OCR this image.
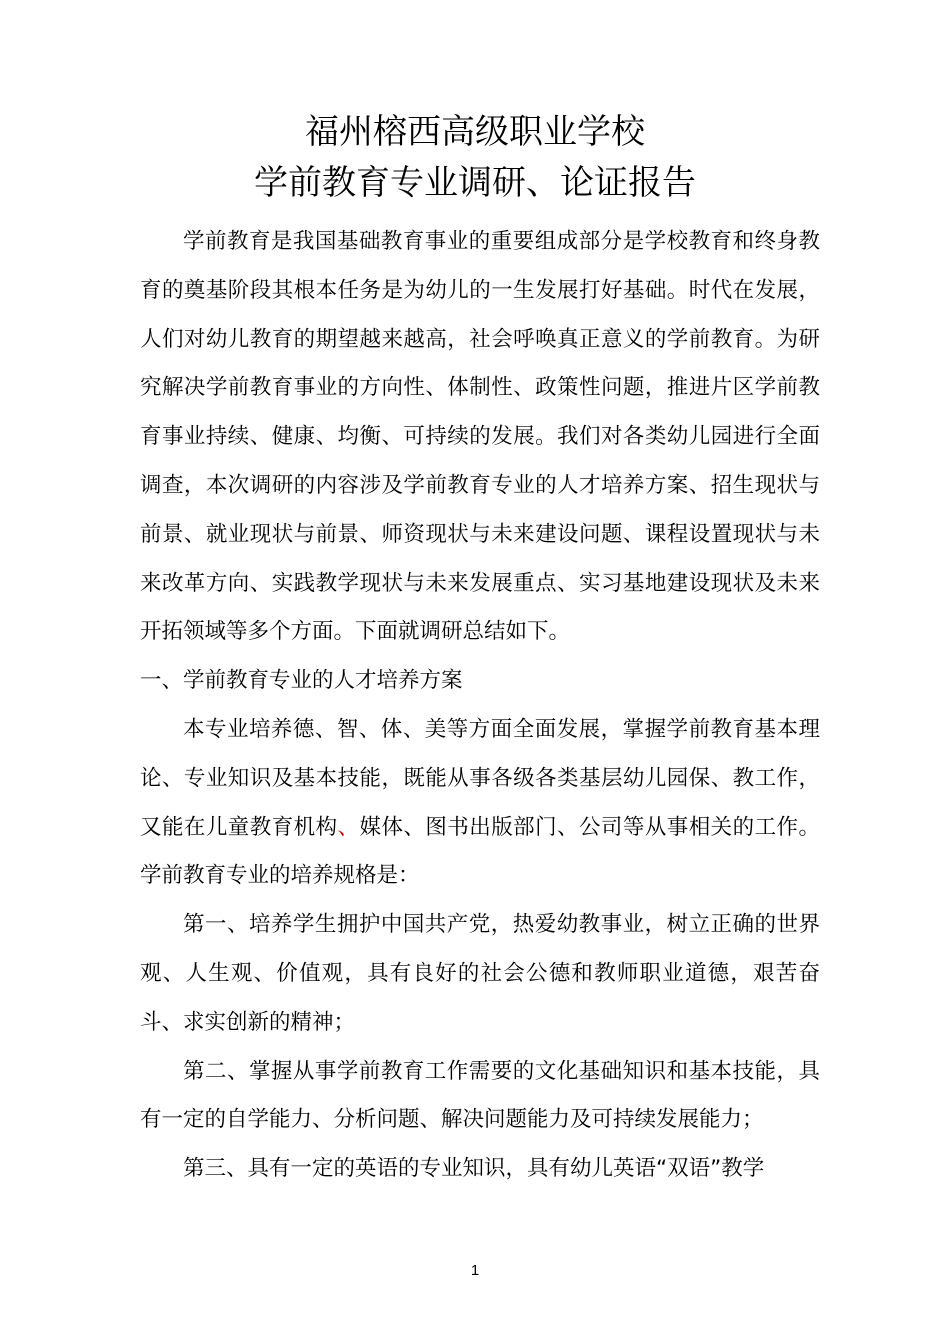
福州榕西高级职业学校
学前教育专业调研、论证报告

学前教育是我国基础教育事业的重要组成部分是学校教育和终身教育的奠基阶段其根本任务是为幼儿的一生发展打好基础。时代在发展，人们对幼儿教育的期望越来越高，社会呼唤真正意义的学前教育。为研究解决学前教育事业的方向性、体制性、政策性问题，推进片区学前教育事业持续、健康、均衡、可持续的发展。我们对各类幼儿园进行全面调查，本次调研的内容涉及学前教育专业的人才培养方案、招生现状与前景、就业现状与前景、师资现状与未来建设问题、课程设置现状与未来改革方向、实践教学现状与未来发展重点、实习基地建设现状及未来开拓领域等多个方面。下面就调研总结如下。

一、学前教育专业的人才培养方案

本专业培养德、智、体、美等方面全面发展，掌握学前教育基本理论、专业知识及基本技能，既能从事各级各类基层幼儿园保、教工作，又能在儿童教育机构、媒体、图书出版部门、公司等从事相关的工作。学前教育专业的培养规格是：

第一、培养学生拥护中国共产党，热爱幼教事业，树立正确的世界观、人生观、价值观，具有良好的社会公德和教师职业道德，艰苦奋斗、求实创新的精神；

第二、掌握从事学前教育工作需要的文化基础知识和基本技能，具有一定的自学能力、分析问题、解决问题能力及可持续发展能力；

第三、具有一定的英语的专业知识，具有幼儿英语“双语”教学

1
